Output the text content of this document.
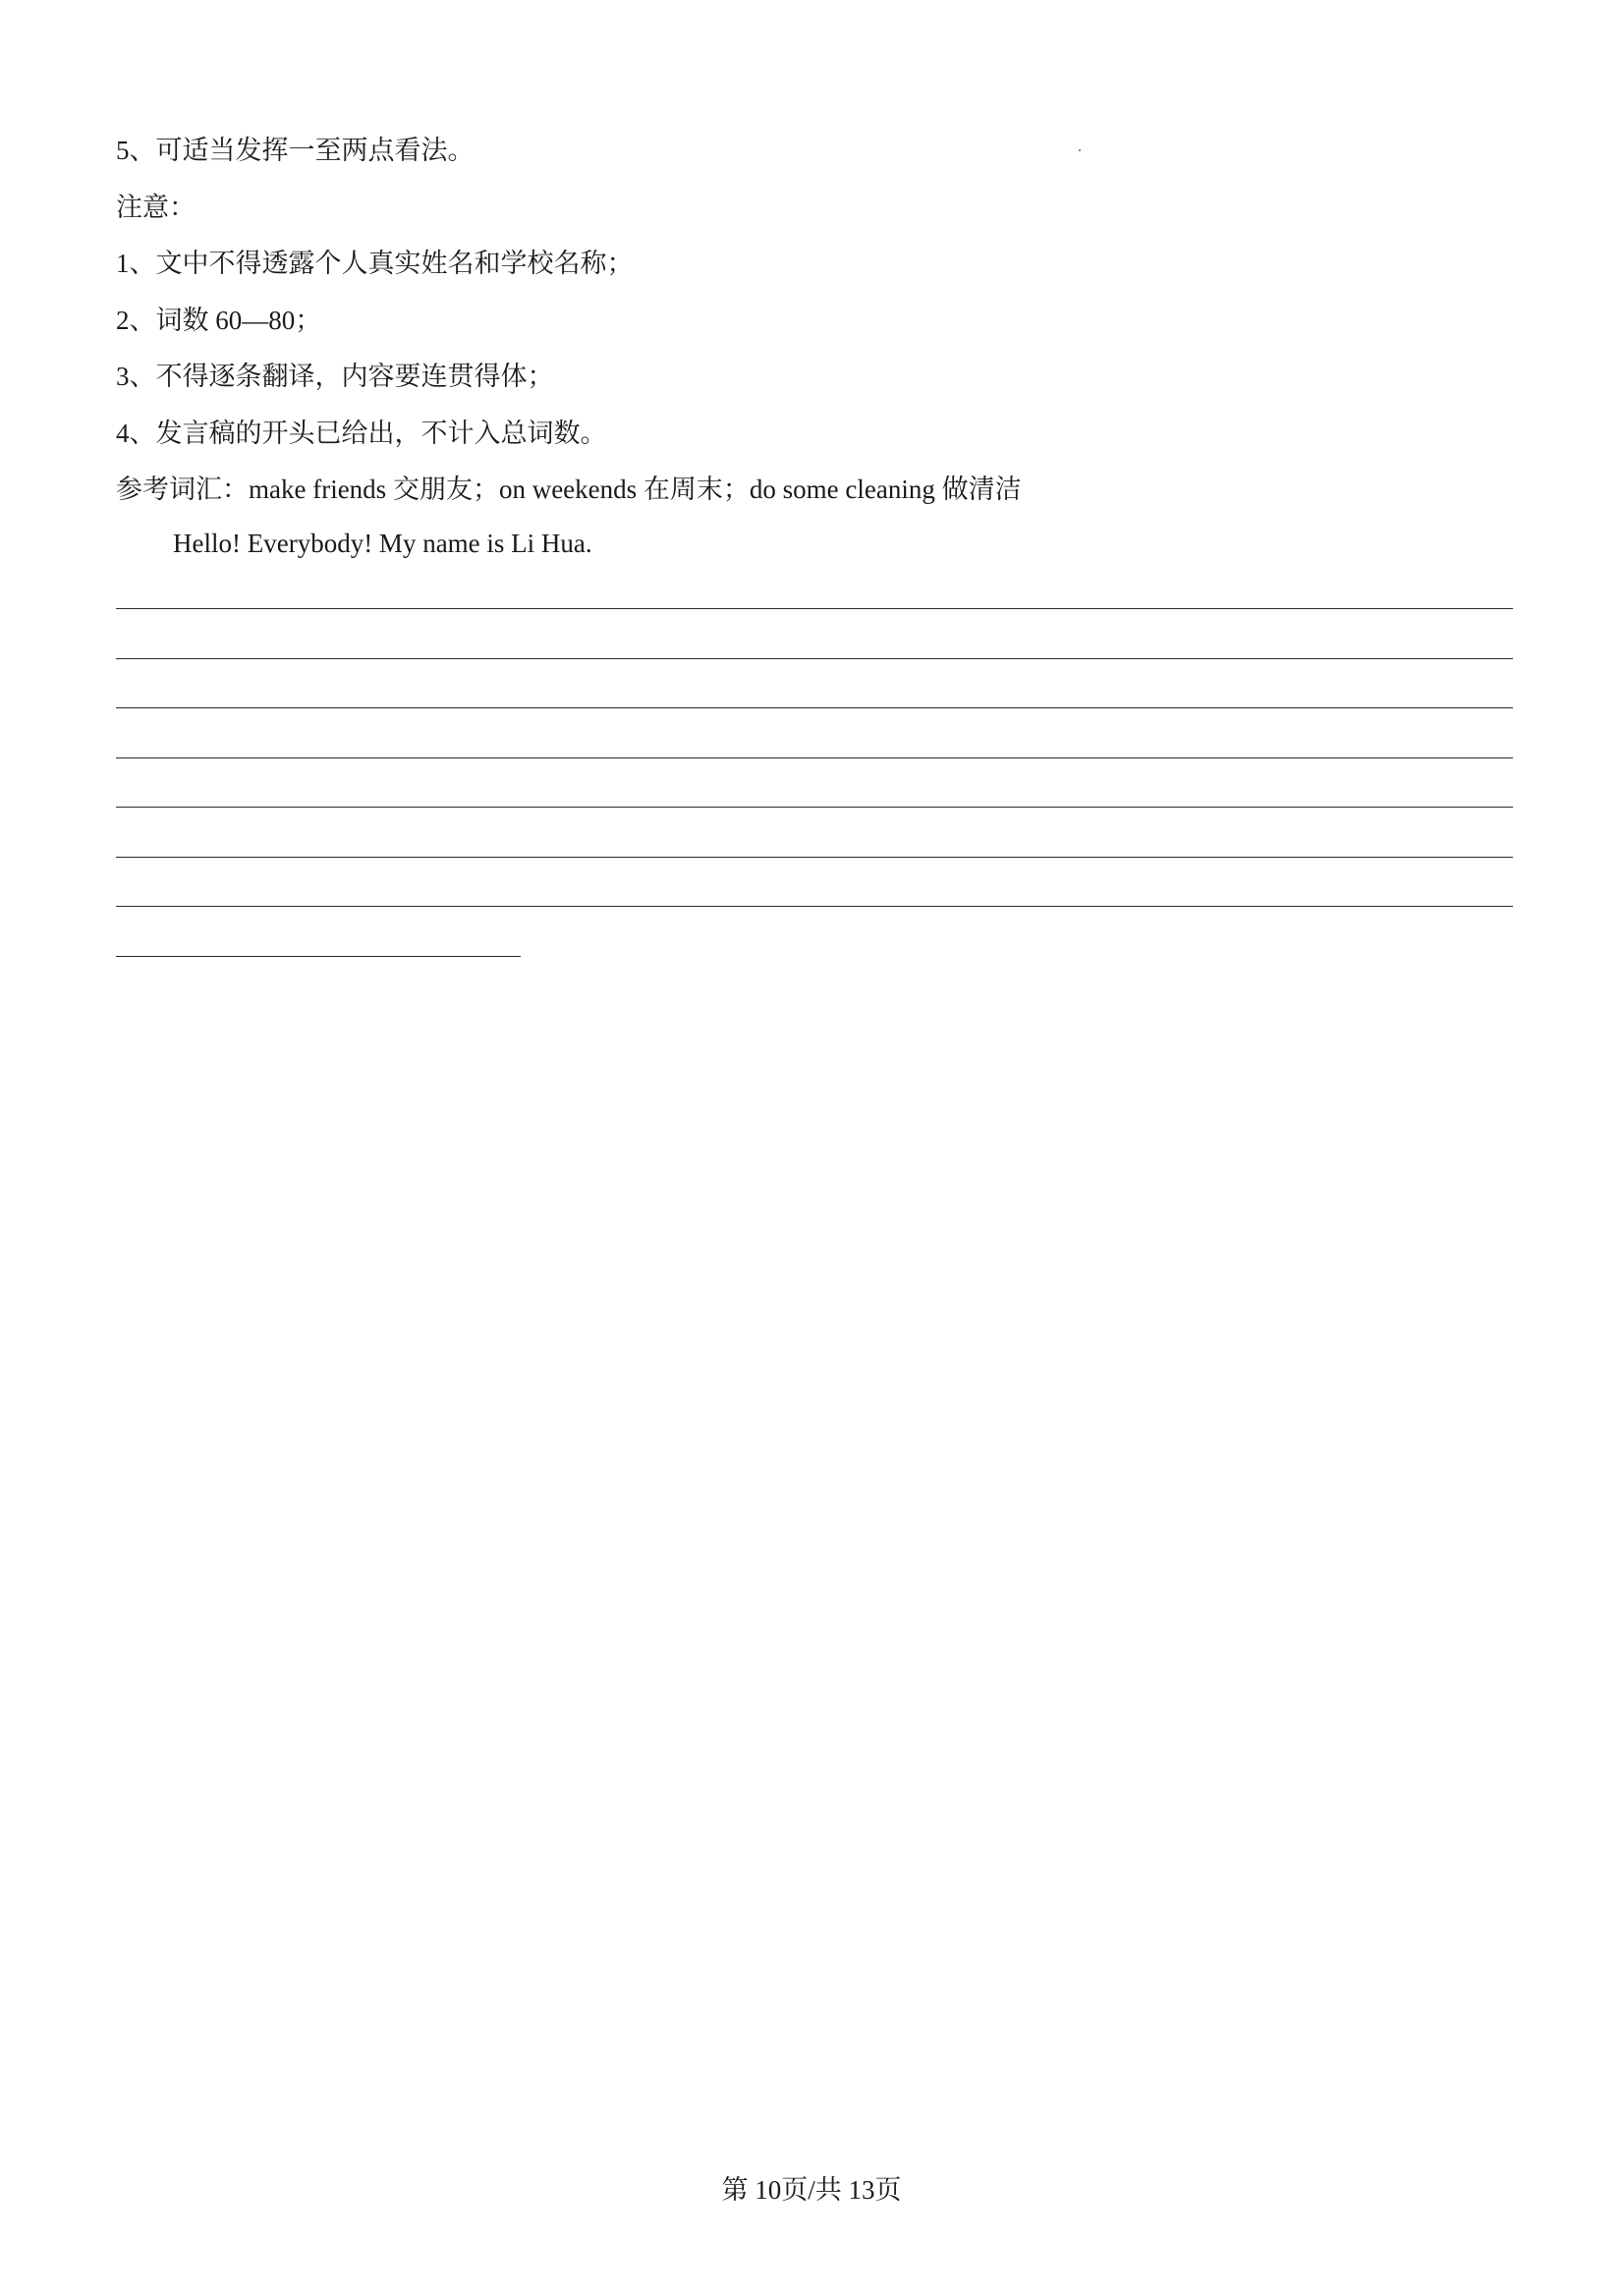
5、可适当发挥一至两点看法。
注意：
1、文中不得透露个人真实姓名和学校名称；
2、词数 60—80；
3、不得逐条翻译，内容要连贯得体；
4、发言稿的开头已给出，不计入总词数。
参考词汇：make friends 交朋友；on weekends 在周末；do some cleaning 做清洁
Hello! Everybody! My name is Li Hua.
第 10页/共 13页
